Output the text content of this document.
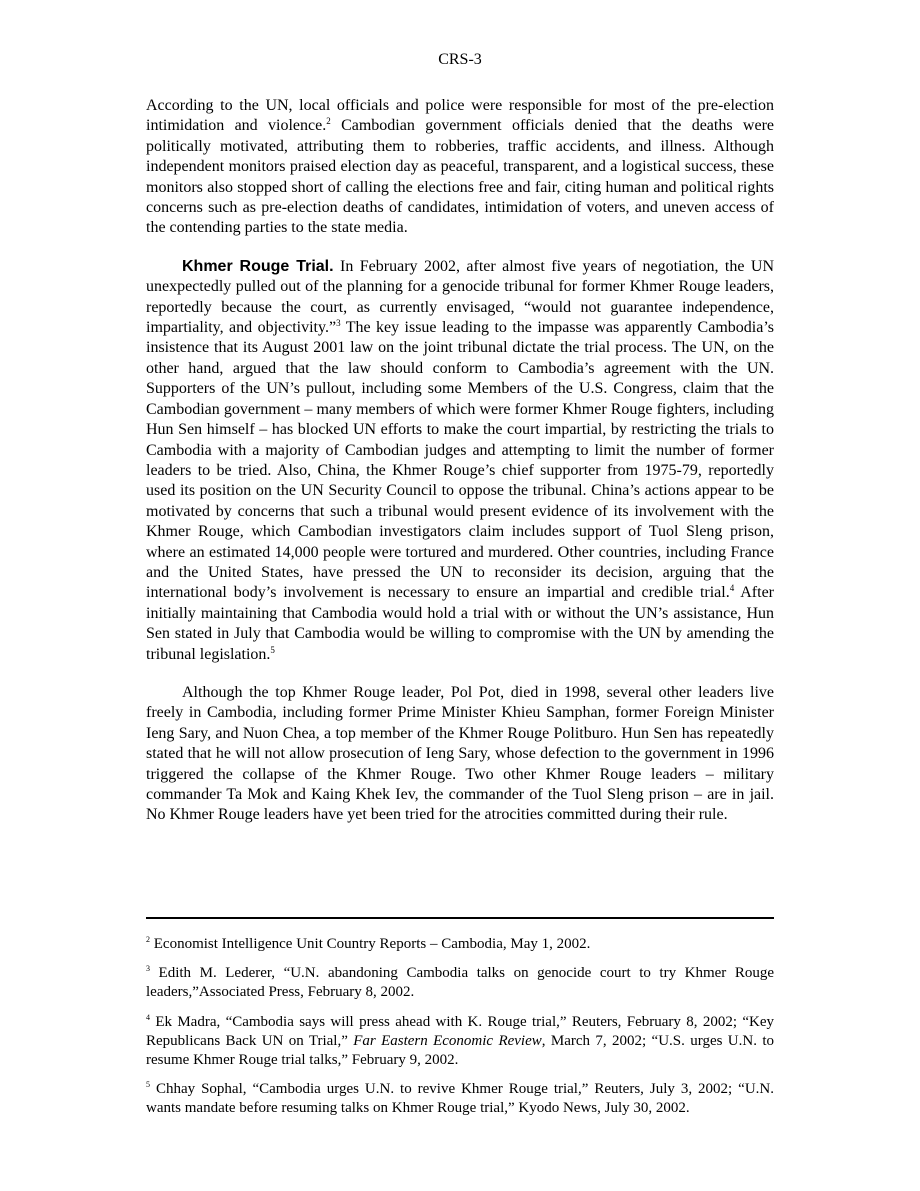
CRS-3

According to the UN, local officials and police were responsible for most of the pre-election intimidation and violence.$^2$ Cambodian government officials denied that the deaths were politically motivated, attributing them to robberies, traffic accidents, and illness. Although independent monitors praised election day as peaceful, transparent, and a logistical success, these monitors also stopped short of calling the elections free and fair, citing human and political rights concerns such as pre-election deaths of candidates, intimidation of voters, and uneven access of the contending parties to the state media.

Khmer Rouge Trial. In February 2002, after almost five years of negotiation, the UN unexpectedly pulled out of the planning for a genocide tribunal for former Khmer Rouge leaders, reportedly because the court, as currently envisaged, “would not guarantee independence, impartiality, and objectivity.”$^3$ The key issue leading to the impasse was apparently Cambodia’s insistence that its August 2001 law on the joint tribunal dictate the trial process. The UN, on the other hand, argued that the law should conform to Cambodia’s agreement with the UN. Supporters of the UN’s pullout, including some Members of the U.S. Congress, claim that the Cambodian government – many members of which were former Khmer Rouge fighters, including Hun Sen himself – has blocked UN efforts to make the court impartial, by restricting the trials to Cambodia with a majority of Cambodian judges and attempting to limit the number of former leaders to be tried. Also, China, the Khmer Rouge’s chief supporter from 1975-79, reportedly used its position on the UN Security Council to oppose the tribunal. China’s actions appear to be motivated by concerns that such a tribunal would present evidence of its involvement with the Khmer Rouge, which Cambodian investigators claim includes support of Tuol Sleng prison, where an estimated 14,000 people were tortured and murdered. Other countries, including France and the United States, have pressed the UN to reconsider its decision, arguing that the international body’s involvement is necessary to ensure an impartial and credible trial.$^4$ After initially maintaining that Cambodia would hold a trial with or without the UN’s assistance, Hun Sen stated in July that Cambodia would be willing to compromise with the UN by amending the tribunal legislation.$^5$

Although the top Khmer Rouge leader, Pol Pot, died in 1998, several other leaders live freely in Cambodia, including former Prime Minister Khieu Samphan, former Foreign Minister Ieng Sary, and Nuon Chea, a top member of the Khmer Rouge Politburo. Hun Sen has repeatedly stated that he will not allow prosecution of Ieng Sary, whose defection to the government in 1996 triggered the collapse of the Khmer Rouge. Two other Khmer Rouge leaders – military commander Ta Mok and Kaing Khek Iev, the commander of the Tuol Sleng prison – are in jail. No Khmer Rouge leaders have yet been tried for the atrocities committed during their rule.

$^2$ Economist Intelligence Unit Country Reports – Cambodia, May 1, 2002.

$^3$ Edith M. Lederer, “U.N. abandoning Cambodia talks on genocide court to try Khmer Rouge leaders,”Associated Press, February 8, 2002.

$^4$ Ek Madra, “Cambodia says will press ahead with K. Rouge trial,” Reuters, February 8, 2002; “Key Republicans Back UN on Trial,” Far Eastern Economic Review, March 7, 2002; “U.S. urges U.N. to resume Khmer Rouge trial talks,” February 9, 2002.

$^5$ Chhay Sophal, “Cambodia urges U.N. to revive Khmer Rouge trial,” Reuters, July 3, 2002; “U.N. wants mandate before resuming talks on Khmer Rouge trial,” Kyodo News, July 30, 2002.
